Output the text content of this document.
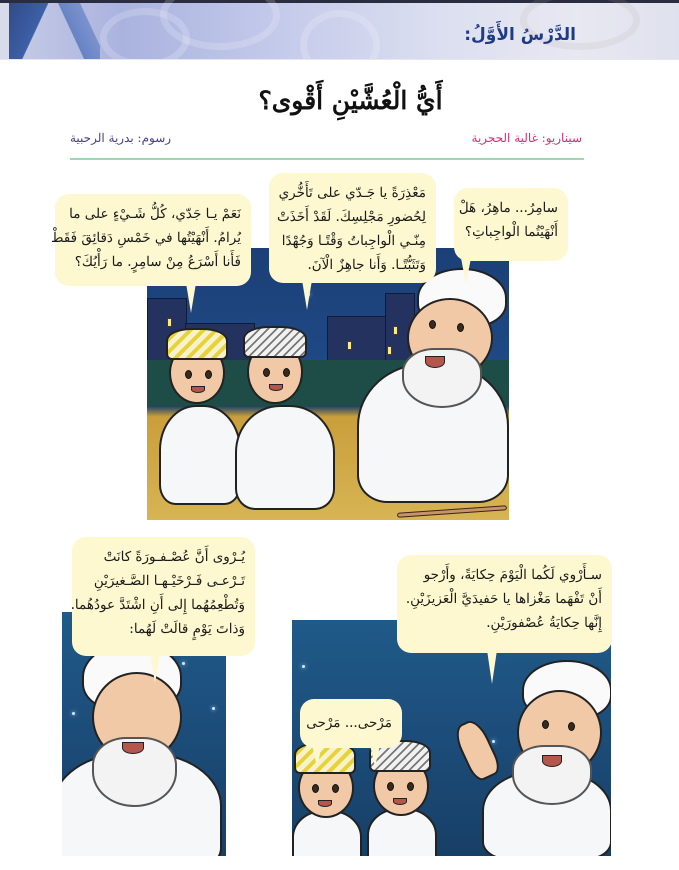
الدَّرْسُ الأَوَّلُ:
أَيُّ الْعُشَّيْنِ أَقْوى؟
سيناريو: غالية الحجرية
رسوم: بدرية الرحبية
سامِرُ... ماهِرُ، هَلْ
أَنْهَيْتُما الْواجِباتِ؟
مَعْذِرَةً يا جَـدّي على تَأَخُّري
لِحُضورِ مَجْلِسِكَ. لَقَدْ أَخَذَتْ
مِنّـي الْواجِباتُ وَقْتًـا وَجُهْدًا
وَتَثَبُّتًـا. وَأَنا جاهِزٌ الْآنَ.
نَعَمْ يـا جَدّي، كُلُّ شَـيْءٍ على ما
يُرامُ. أَنْهَيْتُها في خَمْسِ دَقائِقَ فَقَطْ
فَأَنا أَسْرَعُ مِنْ سامِرٍ. ما رَأْيُكَ؟
يُـرْوى أَنَّ عُصْـفـورَةً كانَتْ
تَـرْعـى فَـرْخَيْـهـا الصَّـغيرَيْنِ
وَتُطْعِمُهُما إِلى أَنِ اشْتَدَّ عودُهُما.
وَذاتَ يَوْمٍ قالَتْ لَهُما:
سـأَرْوي لَكُما الْيَوْمَ حِكايَةً، وأَرْجو
أَنْ تَفْهَما مَغْزاها يا حَفيدَيَّ الْعَزيزَيْنِ.
إِنَّها حِكايَةُ عُصْفورَيْنِ.
مَرْحى... مَرْحى
